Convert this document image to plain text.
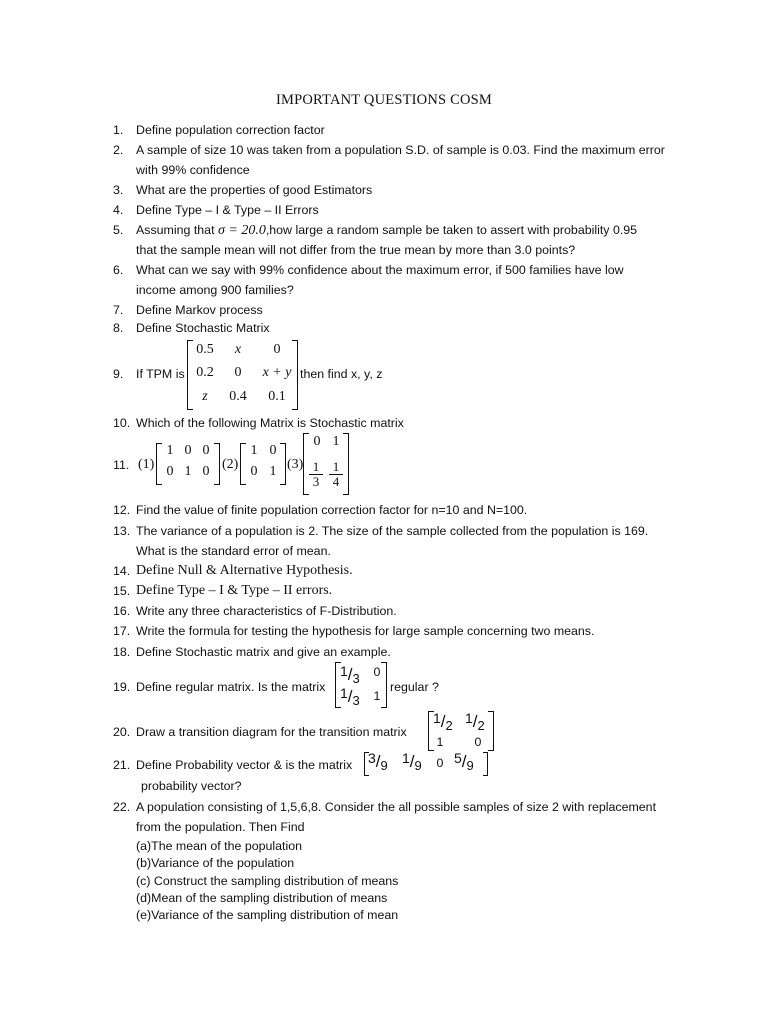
IMPORTANT QUESTIONS COSM
1. Define population correction factor
2. A sample of size 10 was taken from a population S.D. of sample is 0.03. Find the maximum error
with 99% confidence
3. What are the properties of good Estimators
4. Define Type – I & Type – II Errors
5. Assuming that σ = 20.0,how large a random sample be taken to assert with probability 0.95
that the sample mean will not differ from the true mean by more than 3.0 points?
6. What can we say with 99% confidence about the maximum error, if 500 families have low
income among 900 families?
7. Define Markov process
8. Define Stochastic Matrix
9. If TPM is
0.5	x	0
0.2	0	x + y
z	0.4	0.1
then find x, y, z
10. Which of the following Matrix is Stochastic matrix
11. (1)
1 0 0
0 1 0 (2)
1 0
0 1 (3)
0 1
$\frac{1}{3} \frac{1}{4}$
12. Find the value of finite population correction factor for n=10 and N=100.
13. The variance of a population is 2. The size of the sample collected from the population is 169.
What is the standard error of mean.
14. Define Null & Alternative Hypothesis.
15. Define Type – I & Type – II errors.
16. Write any three characteristics of F-Distribution.
17. Write the formula for testing the hypothesis for large sample concerning two means.
18. Define Stochastic matrix and give an example.
19. Define regular matrix. Is the matrix
$^1/_3$ 0
$^1/_3$ 1
regular ?
20. Draw a transition diagram for the transition matrix
$^1/_2$ $^1/_2$
1	0
21. Define Probability vector & is the matrix	$^3/_9$ $^1/_9$ 0 $^5/_9$
probability vector?
22. A population consisting of 1,5,6,8. Consider the all possible samples of size 2 with replacement
from the population. Then Find
(a)The mean of the population
(b)Variance of the population
(c) Construct the sampling distribution of means
(d)Mean of the sampling distribution of means
(e)Variance of the sampling distribution of mean
